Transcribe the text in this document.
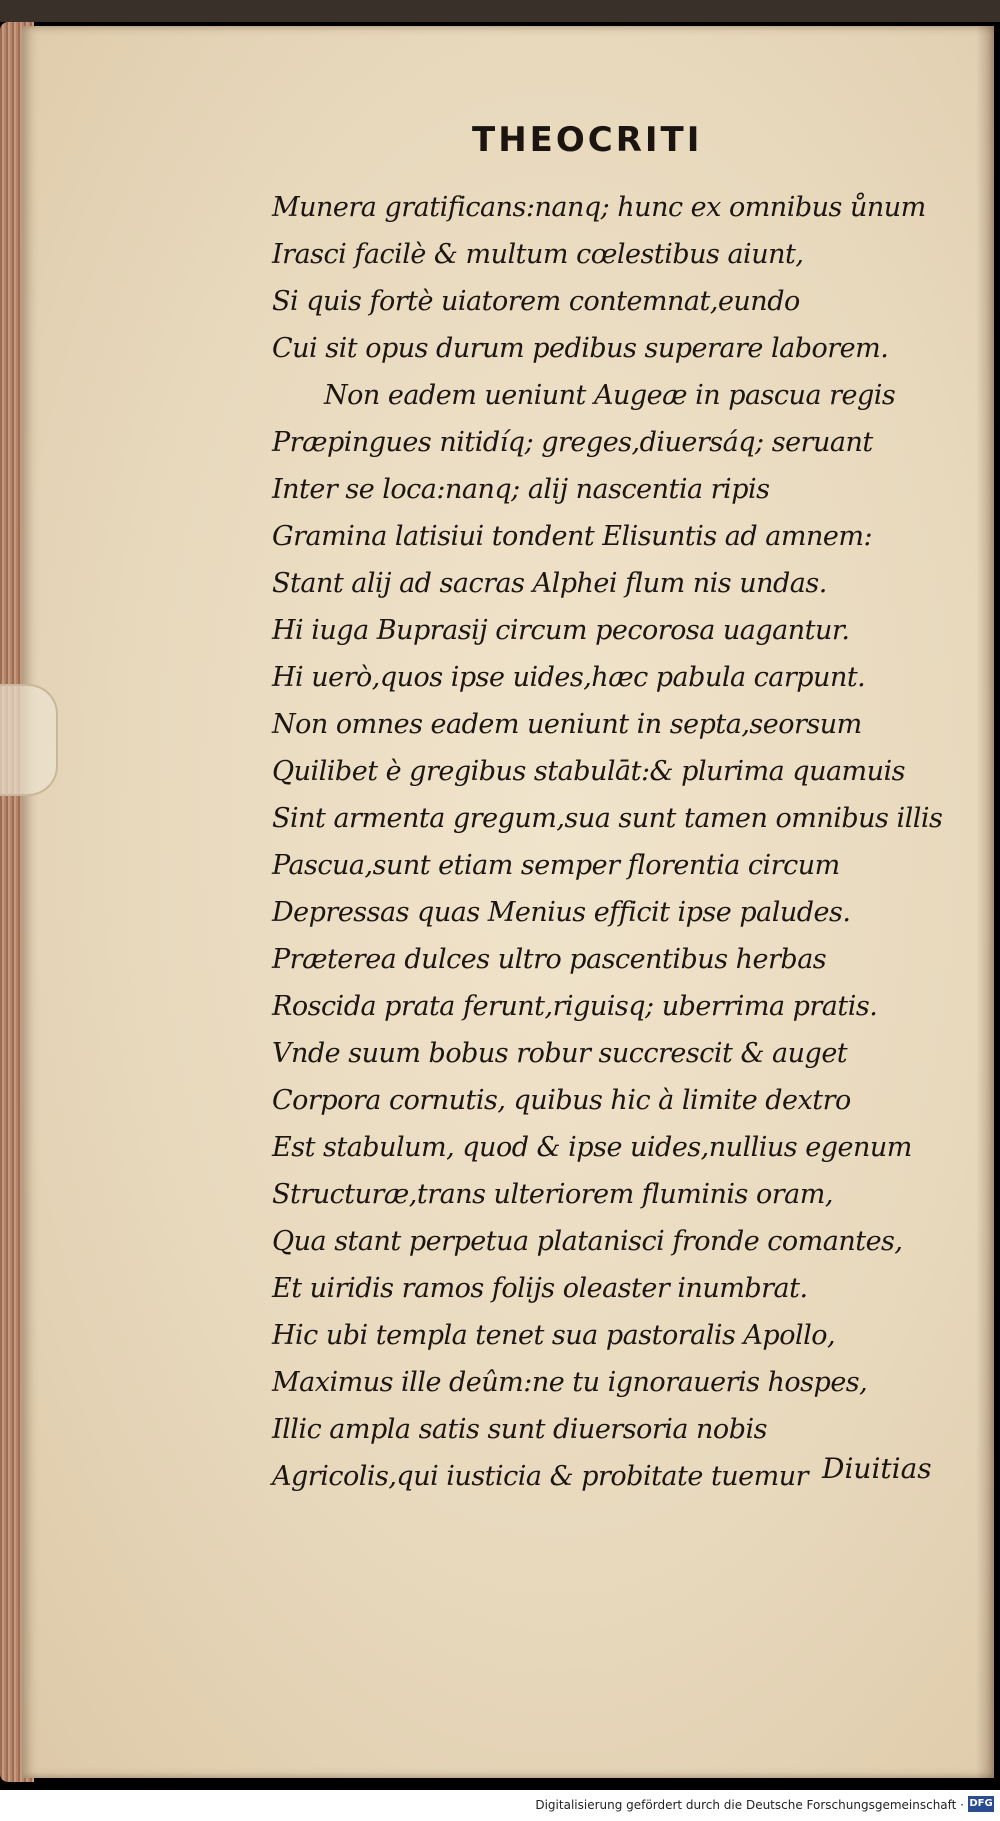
THEOCRITI
Munera gratificans:nanq; hunc ex omnibus ůnum
Irasci facilè & multum cœlestibus aiunt,
Si quis fortè uiatorem contemnat,eundo
Cui sit opus durum pedibus superare laborem.
Non eadem ueniunt Augeæ in pascua regis
Præpingues nitidíq; greges,diuersáq; seruant
Inter se loca:nanq; alij nascentia ripis
Gramina latisiui tondent Elisuntis ad amnem:
Stant alij ad sacras Alphei flum nis undas.
Hi iuga Buprasij circum pecorosa uagantur.
Hi uerò,quos ipse uides,hæc pabula carpunt.
Non omnes eadem ueniunt in septa,seorsum
Quilibet è gregibus stabulāt:& plurima quamuis
Sint armenta gregum,sua sunt tamen omnibus illis
Pascua,sunt etiam semper florentia circum
Depressas quas Menius efficit ipse paludes.
Præterea dulces ultro pascentibus herbas
Roscida prata ferunt,riguisq; uberrima pratis.
Vnde suum bobus robur succrescit & auget
Corpora cornutis, quibus hic à limite dextro
Est stabulum, quod & ipse uides,nullius egenum
Structuræ,trans ulteriorem fluminis oram,
Qua stant perpetua platanisci fronde comantes,
Et uiridis ramos folijs oleaster inumbrat.
Hic ubi templa tenet sua pastoralis Apollo,
Maximus ille deûm:ne tu ignoraueris hospes,
Illic ampla satis sunt diuersoria nobis
Agricolis,qui iusticia & probitate tuemur Diuitias
Digitalisierung gefördert durch die Deutsche Forschungsgemeinschaft · DFG
